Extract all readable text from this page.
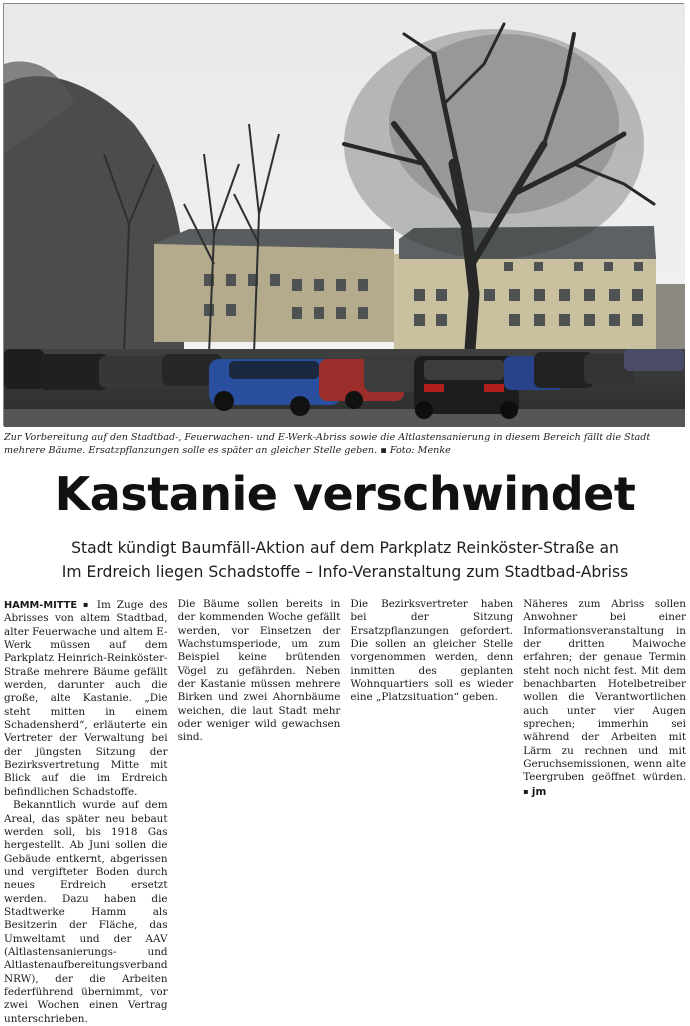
Zur Vorbereitung auf den Stadtbad-, Feuerwachen- und E-Werk-Abriss sowie die Altlastensanierung in diesem Bereich fällt die Stadt mehrere Bäume. Ersatzpflanzungen solle es später an gleicher Stelle geben. ▪ Foto: Menke
Kastanie verschwindet
Stadt kündigt Baumfäll-Aktion auf dem Parkplatz Reinköster-Straße an
Im Erdreich liegen Schadstoffe – Info-Veranstaltung zum Stadtbad-Abriss

HAMM-MITTE ▪ Im Zuge des Abrisses von altem Stadtbad, alter Feuerwache und altem E-Werk müssen auf dem Parkplatz Heinrich-Reinköster-Straße mehrere Bäume gefällt werden, darunter auch die große, alte Kastanie. „Die steht mitten in einem Schadensherd“, erläuterte ein Vertreter der Verwaltung bei der jüngsten Sitzung der Bezirksvertretung Mitte mit Blick auf die im Erdreich befindlichen Schadstoffe.

Bekanntlich wurde auf dem Areal, das später neu bebaut werden soll, bis 1918 Gas hergestellt. Ab Juni sollen die Gebäude entkernt, abgerissen und vergifteter Boden durch neues Erdreich ersetzt werden. Dazu haben die Stadtwerke Hamm als Besitzerin der Fläche, das Umweltamt und der AAV (Altlastensanierungs- und Altlastenaufbereitungsverband NRW), der die Arbeiten federführend übernimmt, vor zwei Wochen einen Vertrag unterschrieben.

Die Bäume sollen bereits in der kommenden Woche gefällt werden, vor Einsetzen der Wachstumsperiode, um zum Beispiel keine brütenden Vögel zu gefährden. Neben der Kastanie müssen mehrere Birken und zwei Ahornbäume weichen, die laut Stadt mehr oder weniger wild gewachsen sind.

Die Bezirksvertreter haben bei der Sitzung Ersatzpflanzungen gefordert. Die sollen an gleicher Stelle vorgenommen werden, denn inmitten des geplanten Wohnquartiers soll es wieder eine „Platzsituation“ geben.

Näheres zum Abriss sollen Anwohner bei einer Informationsveranstaltung in der dritten Maiwoche erfahren; der genaue Termin steht noch nicht fest. Mit dem benachbarten Hotelbetreiber wollen die Verantwortlichen auch unter vier Augen sprechen; immerhin sei während der Arbeiten mit Lärm zu rechnen und mit Geruchsemissionen, wenn alte Teergruben geöffnet würden. ▪ jm
